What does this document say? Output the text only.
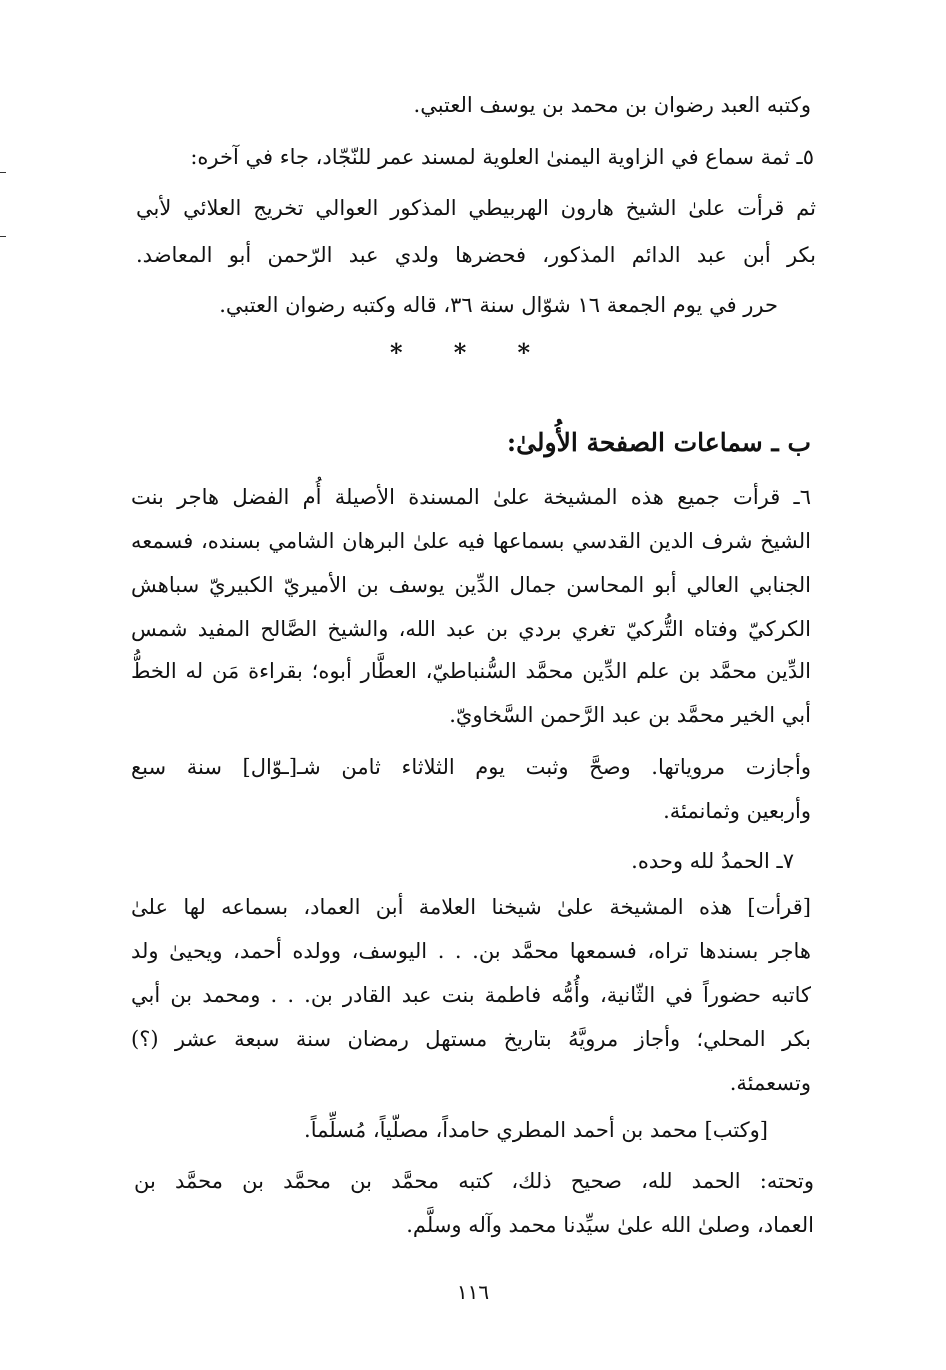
وكتبه العبد رضوان بن محمد بن يوسف العتبي.
٥ـ ثمة سماع في الزاوية اليمنىٰ العلوية لمسند عمر للنّجّاد، جاء في آخره:
ثم قرأت علىٰ الشيخ هارون الهربيطي المذكور العوالي تخريج العلائي لأبي
بكر أبن عبد الدائم المذكور، فحضرها ولدي عبد الرّحمن أبو المعاضد.
حرر في يوم الجمعة ١٦ شوّال سنة ٣٦، قاله وكتبه رضوان العتبي.
*
*
*
ب ـ سماعات الصفحة الأُولىٰ:
٦ـ قرأت جميع هذه المشيخة علىٰ المسندة الأصيلة أُم الفضل هاجر بنت
الشيخ شرف الدين القدسي بسماعها فيه علىٰ البرهان الشامي بسنده، فسمعه
الجنابي العالي أبو المحاسن جمال الدِّين يوسف بن الأميريّ الكبيريّ سباهش
الكركيّ وفتاه التُّركيّ تغري بردي بن عبد الله، والشيخ الصَّالح المفيد شمس
الدِّين محمَّد بن علم الدِّين محمَّد السُّنباطيّ، العطَّار أبوه؛ بقراءة مَن له الخطُّ
أبي الخير محمَّد بن عبد الرَّحمن السَّخاويّ.
وأجازت مروياتها. وصحَّ وثبت يوم الثلاثاء ثامن شـ[ـوّال] سنة سبع
وأربعين وثمانمئة.
٧ـ الحمدُ لله وحده.
[قرأت] هذه المشيخة علىٰ شيخنا العلامة أبن العماد، بسماعه لها علىٰ
هاجر بسندها تراه، فسمعها محمَّد بن. . . اليوسف، وولده أحمد، ويحيىٰ ولد
كاتبه حضوراً في الثّانية، وأُمُّه فاطمة بنت عبد القادر بن. . . ومحمد بن أبي
بكر المحلي؛ وأجاز مرويَّهُ بتاريخ مستهل رمضان سنة سبعة عشر (؟)
وتسعمئة.
[وكتب] محمد بن أحمد المطري حامداً، مصلّياً، مُسلِّماً.
وتحته: الحمد لله، صحيح ذلك، كتبه محمَّد بن محمَّد بن محمَّد بن
العماد، وصلىٰ الله علىٰ سيِّدنا محمد وآله وسلَّم.
١١٦
